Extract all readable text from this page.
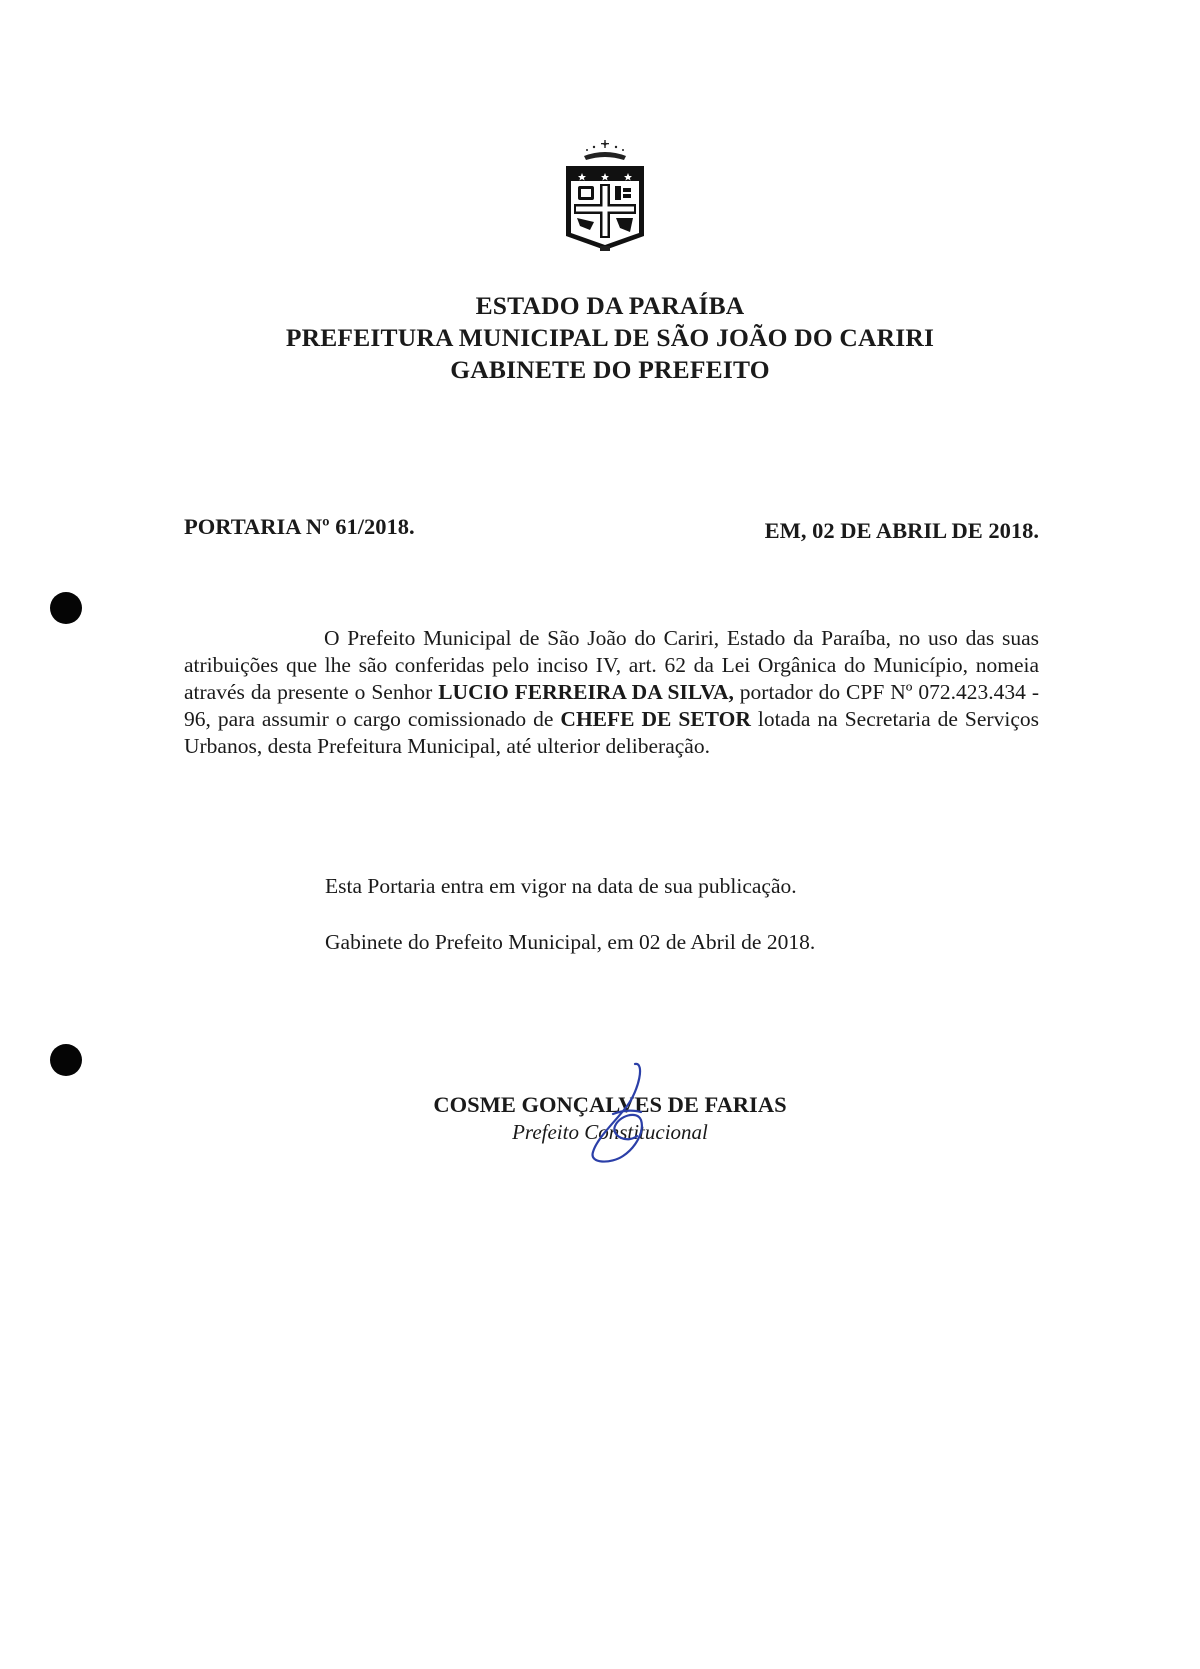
ESTADO DA PARAÍBA
PREFEITURA MUNICIPAL DE SÃO JOÃO DO CARIRI
GABINETE DO PREFEITO
PORTARIA Nº 61/2018.	EM, 02 DE ABRIL DE 2018.
O Prefeito Municipal de São João do Cariri, Estado da Paraíba, no uso das suas atribuições que lhe são conferidas pelo inciso IV, art. 62 da Lei Orgânica do Município, nomeia através da presente o Senhor LUCIO FERREIRA DA SILVA, portador do CPF Nº 072.423.434 - 96, para assumir o cargo comissionado de CHEFE DE SETOR lotada na Secretaria de Serviços Urbanos, desta Prefeitura Municipal, até ulterior deliberação.
Esta Portaria entra em vigor na data de sua publicação.
Gabinete do Prefeito Municipal, em 02 de Abril de 2018.
COSME GONÇALVES DE FARIAS
Prefeito Constitucional
